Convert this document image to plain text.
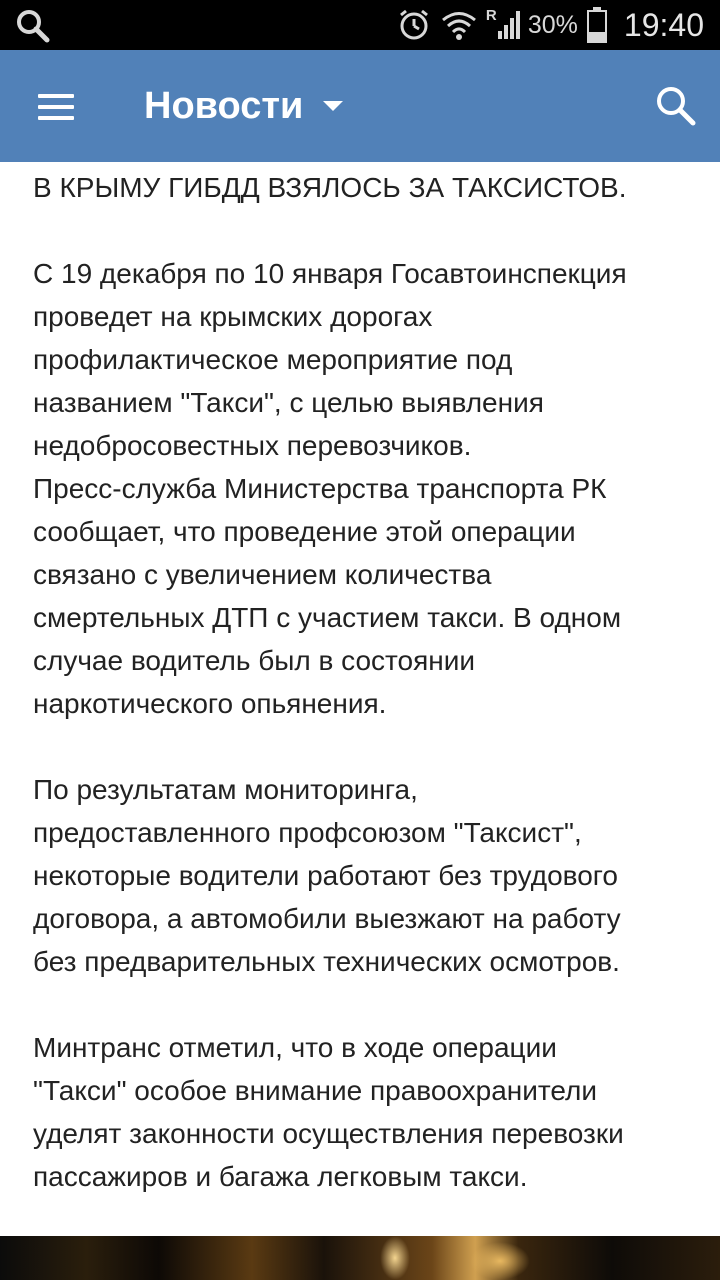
R 30% 19:40
Новости
В КРЫМУ ГИБДД ВЗЯЛОСЬ ЗА ТАКСИСТОВ.

С 19 декабря по 10 января Госавтоинспекция
проведет на крымских дорогах
профилактическое мероприятие под
названием "Такси", с целью выявления
недобросовестных перевозчиков.
Пресс-служба Министерства транспорта РК
сообщает, что проведение этой операции
связано с увеличением количества
смертельных ДТП с участием такси. В одном
случае водитель был в состоянии
наркотического опьянения.

По результатам мониторинга,
предоставленного профсоюзом "Таксист",
некоторые водители работают без трудового
договора, а автомобили выезжают на работу
без предварительных технических осмотров.

Минтранс отметил, что в ходе операции
"Такси" особое внимание правоохранители
уделят законности осуществления перевозки
пассажиров и багажа легковым такси.
